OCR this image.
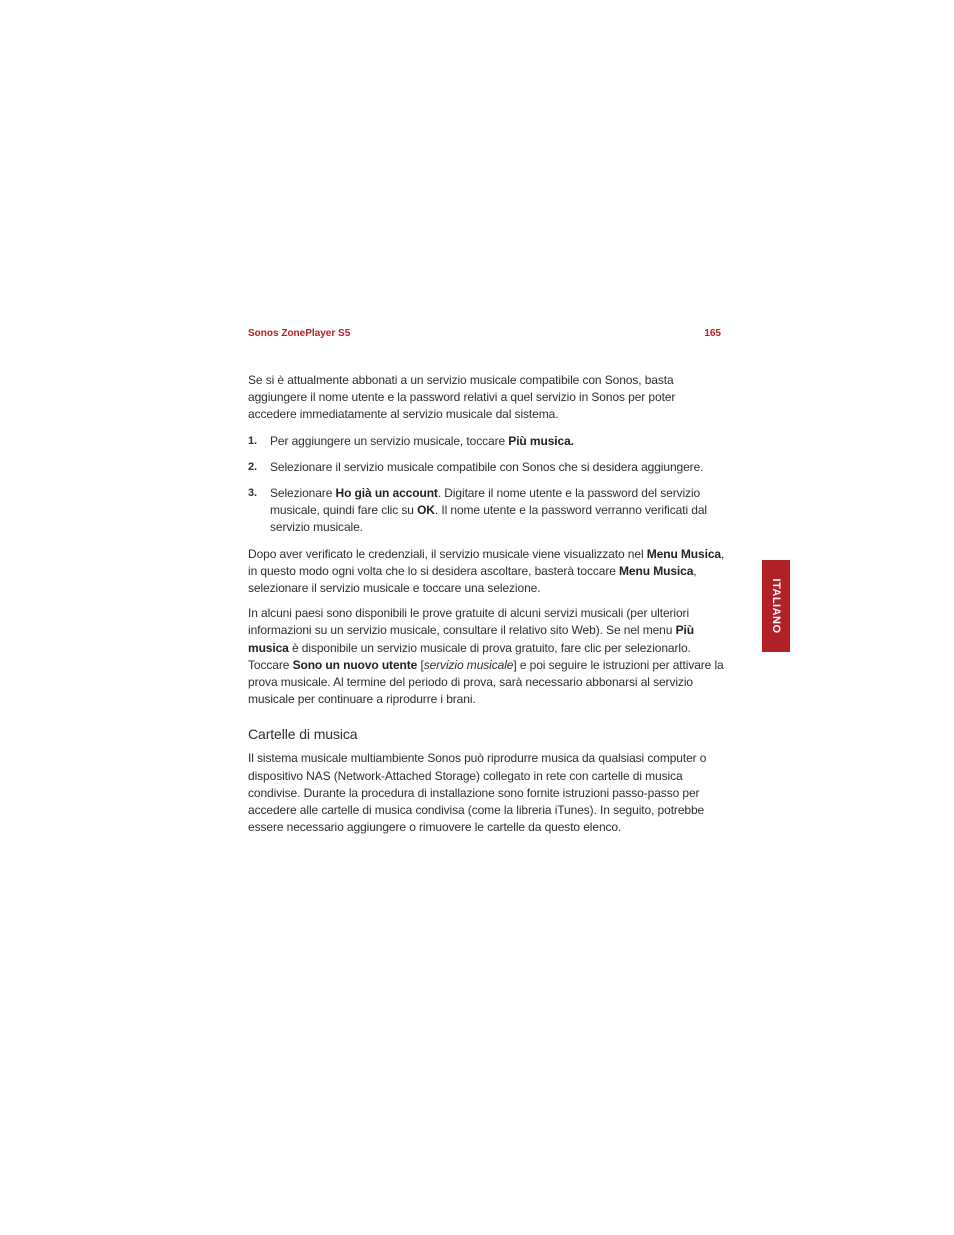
Sonos ZonePlayer S5	165
ITALIANO

Se si è attualmente abbonati a un servizio musicale compatibile con Sonos, basta aggiungere il nome utente e la password relativi a quel servizio in Sonos per poter accedere immediatamente al servizio musicale dal sistema.

1. Per aggiungere un servizio musicale, toccare Più musica.
2. Selezionare il servizio musicale compatibile con Sonos che si desidera aggiungere.
3. Selezionare Ho già un account. Digitare il nome utente e la password del servizio musicale, quindi fare clic su OK. Il nome utente e la password verranno verificati dal servizio musicale.

Dopo aver verificato le credenziali, il servizio musicale viene visualizzato nel Menu Musica, in questo modo ogni volta che lo si desidera ascoltare, basterà toccare Menu Musica, selezionare il servizio musicale e toccare una selezione.

In alcuni paesi sono disponibili le prove gratuite di alcuni servizi musicali (per ulteriori informazioni su un servizio musicale, consultare il relativo sito Web). Se nel menu Più musica è disponibile un servizio musicale di prova gratuito, fare clic per selezionarlo. Toccare Sono un nuovo utente [servizio musicale] e poi seguire le istruzioni per attivare la prova musicale. Al termine del periodo di prova, sarà necessario abbonarsi al servizio musicale per continuare a riprodurre i brani.

Cartelle di musica

Il sistema musicale multiambiente Sonos può riprodurre musica da qualsiasi computer o dispositivo NAS (Network-Attached Storage) collegato in rete con cartelle di musica condivise. Durante la procedura di installazione sono fornite istruzioni passo-passo per accedere alle cartelle di musica condivisa (come la libreria iTunes). In seguito, potrebbe essere necessario aggiungere o rimuovere le cartelle da questo elenco.
